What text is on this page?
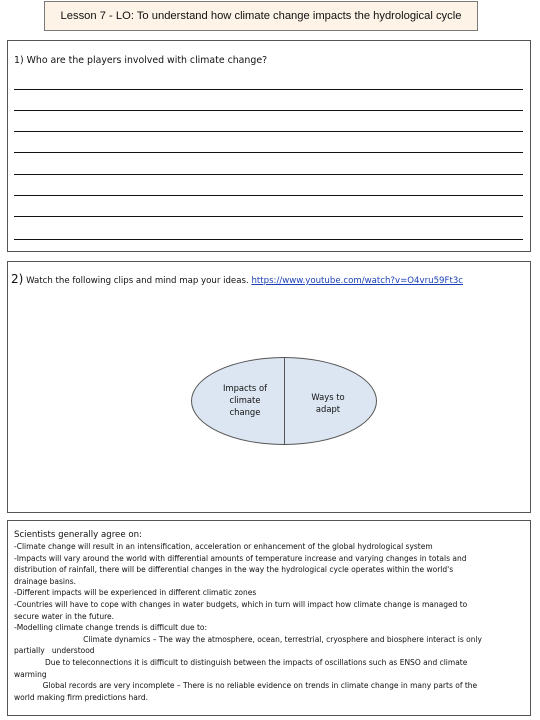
Lesson 7 - LO: To understand how climate change impacts the hydrological cycle
1) Who are the players involved with climate change?
2) Watch the following clips and mind map your ideas. https://www.youtube.com/watch?v=O4vru59Ft3c
Impacts of climate change
Ways to adapt
Scientists generally agree on:
-Climate change will result in an intensification, acceleration or enhancement of the global hydrological system
-Impacts will vary around the world with differential amounts of temperature increase and varying changes in totals and
distribution of rainfall, there will be differential changes in the way the hydrological cycle operates within the world's
drainage basins.
-Different impacts will be experienced in different climatic zones
-Countries will have to cope with changes in water budgets, which in turn will impact how climate change is managed to
secure water in the future.
-Modelling climate change trends is difficult due to:
Climate dynamics – The way the atmosphere, ocean, terrestrial, cryosphere and biosphere interact is only
partially   understood
Due to teleconnections it is difficult to distinguish between the impacts of oscillations such as ENSO and climate
warming
Global records are very incomplete – There is no reliable evidence on trends in climate change in many parts of the
world making firm predictions hard.
